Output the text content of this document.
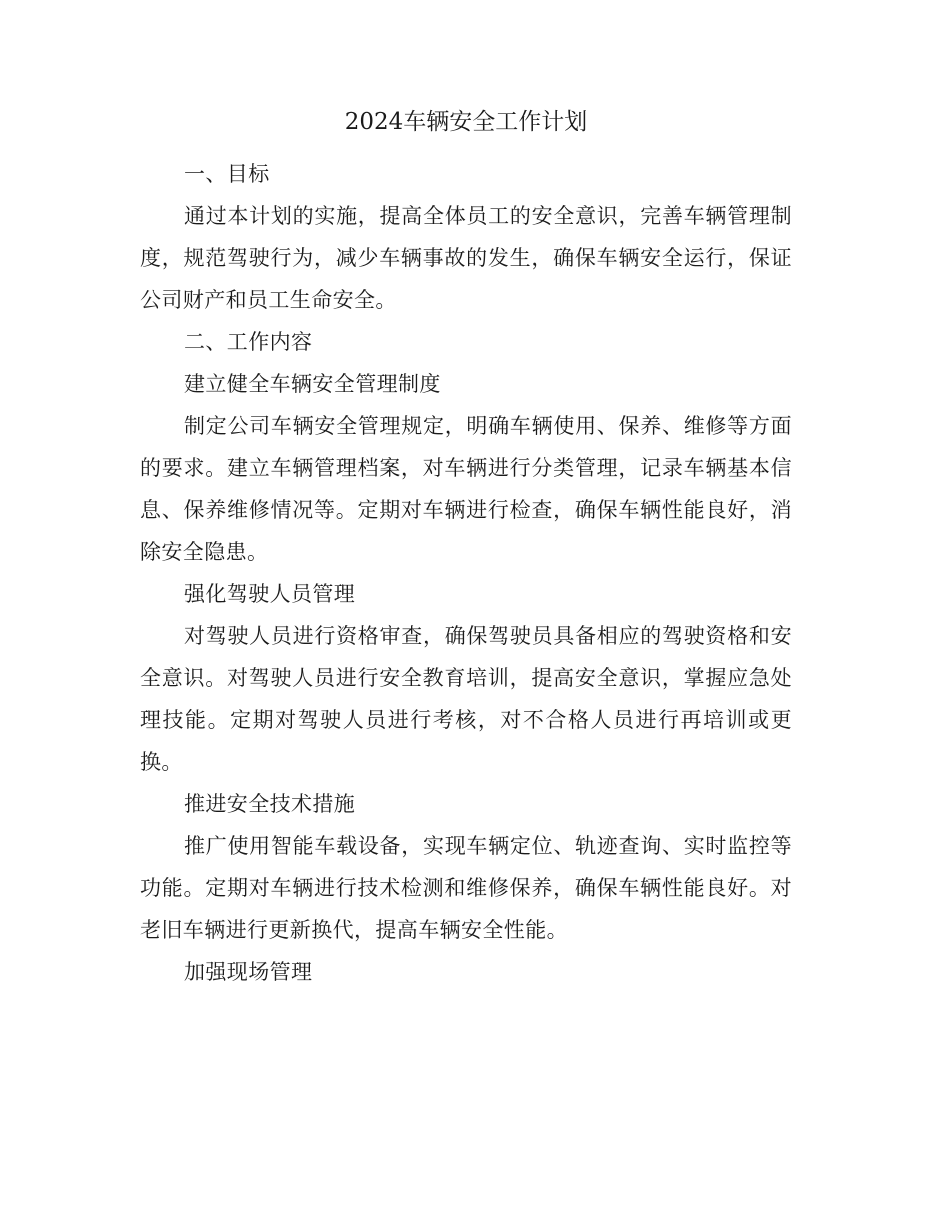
2024车辆安全工作计划

一、目标

通过本计划的实施，提高全体员工的安全意识，完善车辆管理制度，规范驾驶行为，减少车辆事故的发生，确保车辆安全运行，保证公司财产和员工生命安全。

二、工作内容

建立健全车辆安全管理制度

制定公司车辆安全管理规定，明确车辆使用、保养、维修等方面的要求。建立车辆管理档案，对车辆进行分类管理，记录车辆基本信息、保养维修情况等。定期对车辆进行检查，确保车辆性能良好，消除安全隐患。

强化驾驶人员管理

对驾驶人员进行资格审查，确保驾驶员具备相应的驾驶资格和安全意识。对驾驶人员进行安全教育培训，提高安全意识，掌握应急处理技能。定期对驾驶人员进行考核，对不合格人员进行再培训或更换。

推进安全技术措施

推广使用智能车载设备，实现车辆定位、轨迹查询、实时监控等功能。定期对车辆进行技术检测和维修保养，确保车辆性能良好。对老旧车辆进行更新换代，提高车辆安全性能。

加强现场管理
